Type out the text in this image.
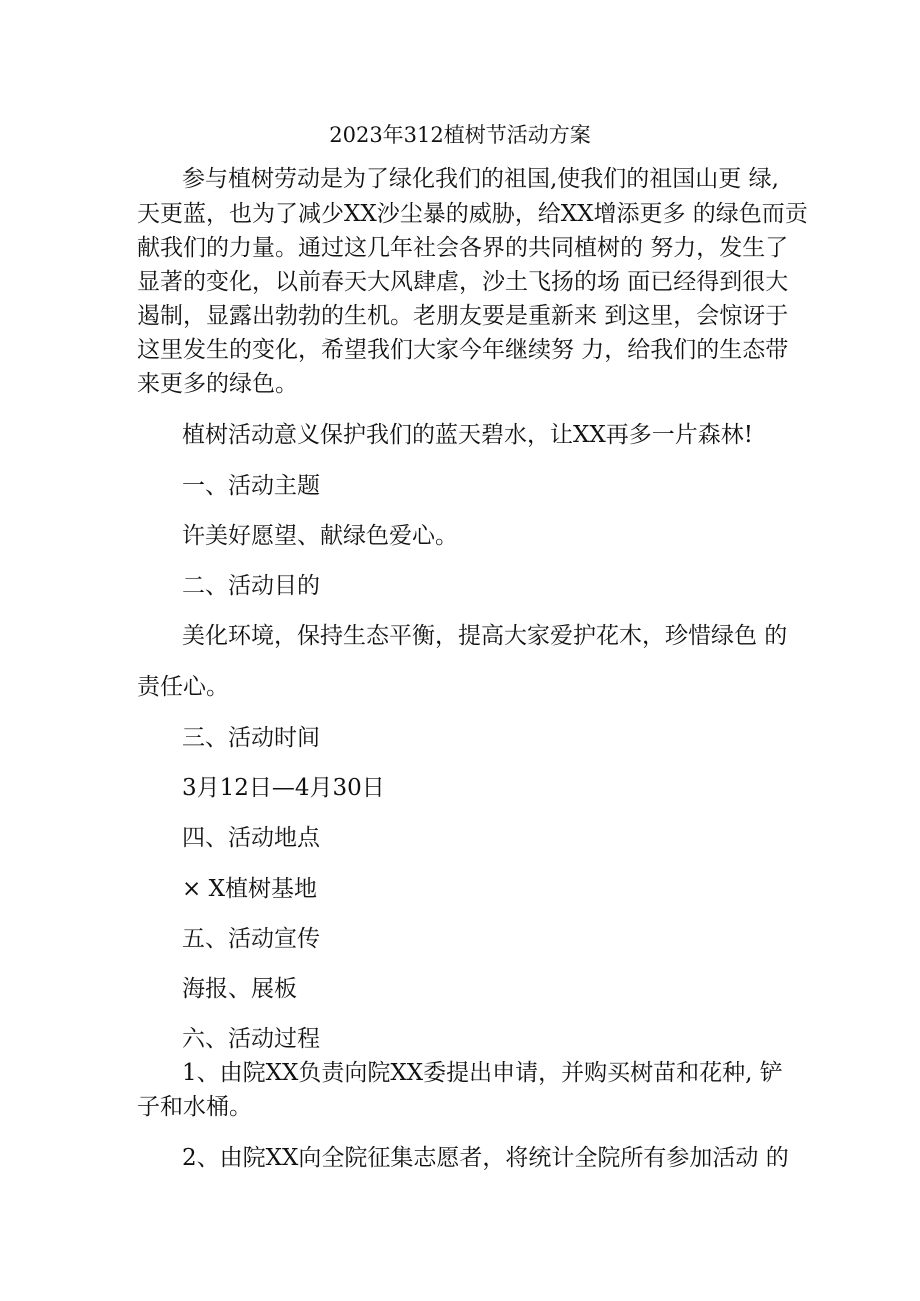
2023年312植树节活动方案
参与植树劳动是为了绿化我们的祖国,使我们的祖国山更 绿,
天更蓝，也为了减少XX沙尘暴的威胁，给XX增添更多 的绿色而贡
献我们的力量。通过这几年社会各界的共同植树的 努力，发生了
显著的变化，以前春天大风肆虐，沙土飞扬的场 面已经得到很大
遏制，显露出勃勃的生机。老朋友要是重新来 到这里，会惊讶于
这里发生的变化，希望我们大家今年继续努 力，给我们的生态带
来更多的绿色。
植树活动意义保护我们的蓝天碧水，让XX再多一片森林!
一、活动主题
许美好愿望、献绿色爱心。
二、活动目的
美化环境，保持生态平衡，提高大家爱护花木，珍惜绿色 的
责任心。
三、活动时间
3月12日—4月30日
四、活动地点
× X植树基地
五、活动宣传
海报、展板
六、活动过程
1、由院XX负责向院XX委提出申请，并购买树苗和花种, 铲
子和水桶。
2、由院XX向全院征集志愿者，将统计全院所有参加活动 的
